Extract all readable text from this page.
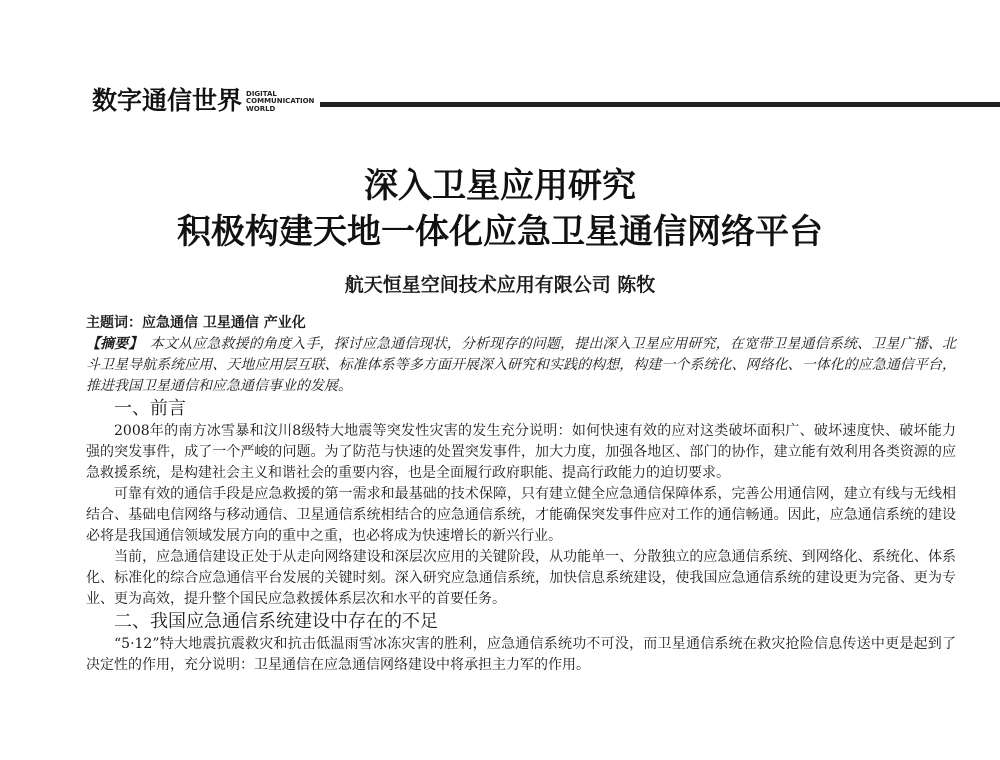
数字通信世界 DIGITAL
COMMUNICATION
WORLD
深入卫星应用研究
积极构建天地一体化应急卫星通信网络平台
航天恒星空间技术应用有限公司 陈牧

主题词：应急通信 卫星通信 产业化

【摘要】　 本文从应急救援的角度入手，探讨应急通信现状，分析现存的问题，提出深入卫星应用研究，在宽带卫星通信系统、卫星广播、北斗卫星导航系统应用、天地应用层互联、标准体系等多方面开展深入研究和实践的构想，构建一个系统化、网络化、一体化的应急通信平台，推进我国卫星通信和应急通信事业的发展。

一、前言

2008年的南方冰雪暴和汶川8级特大地震等突发性灾害的发生充分说明：如何快速有效的应对这类破坏面积广、破坏速度快、破坏能力强的突发事件，成了一个严峻的问题。为了防范与快速的处置突发事件，加大力度，加强各地区、部门的协作，建立能有效利用各类资源的应急救援系统，是构建社会主义和谐社会的重要内容，也是全面履行政府职能、提高行政能力的迫切要求。

可靠有效的通信手段是应急救援的第一需求和最基础的技术保障，只有建立健全应急通信保障体系，完善公用通信网，建立有线与无线相结合、基础电信网络与移动通信、卫星通信系统相结合的应急通信系统，才能确保突发事件应对工作的通信畅通。因此，应急通信系统的建设必将是我国通信领域发展方向的重中之重，也必将成为快速增长的新兴行业。

当前，应急通信建设正处于从走向网络建设和深层次应用的关键阶段，从功能单一、分散独立的应急通信系统、到网络化、系统化、体系化、标准化的综合应急通信平台发展的关键时刻。深入研究应急通信系统，加快信息系统建设，使我国应急通信系统的建设更为完备、更为专业、更为高效，提升整个国民应急救援体系层次和水平的首要任务。

二、我国应急通信系统建设中存在的不足

“5·12”特大地震抗震救灾和抗击低温雨雪冰冻灾害的胜利，应急通信系统功不可没，而卫星通信系统在救灾抢险信息传送中更是起到了决定性的作用，充分说明：卫星通信在应急通信网络建设中将承担主力军的作用。
